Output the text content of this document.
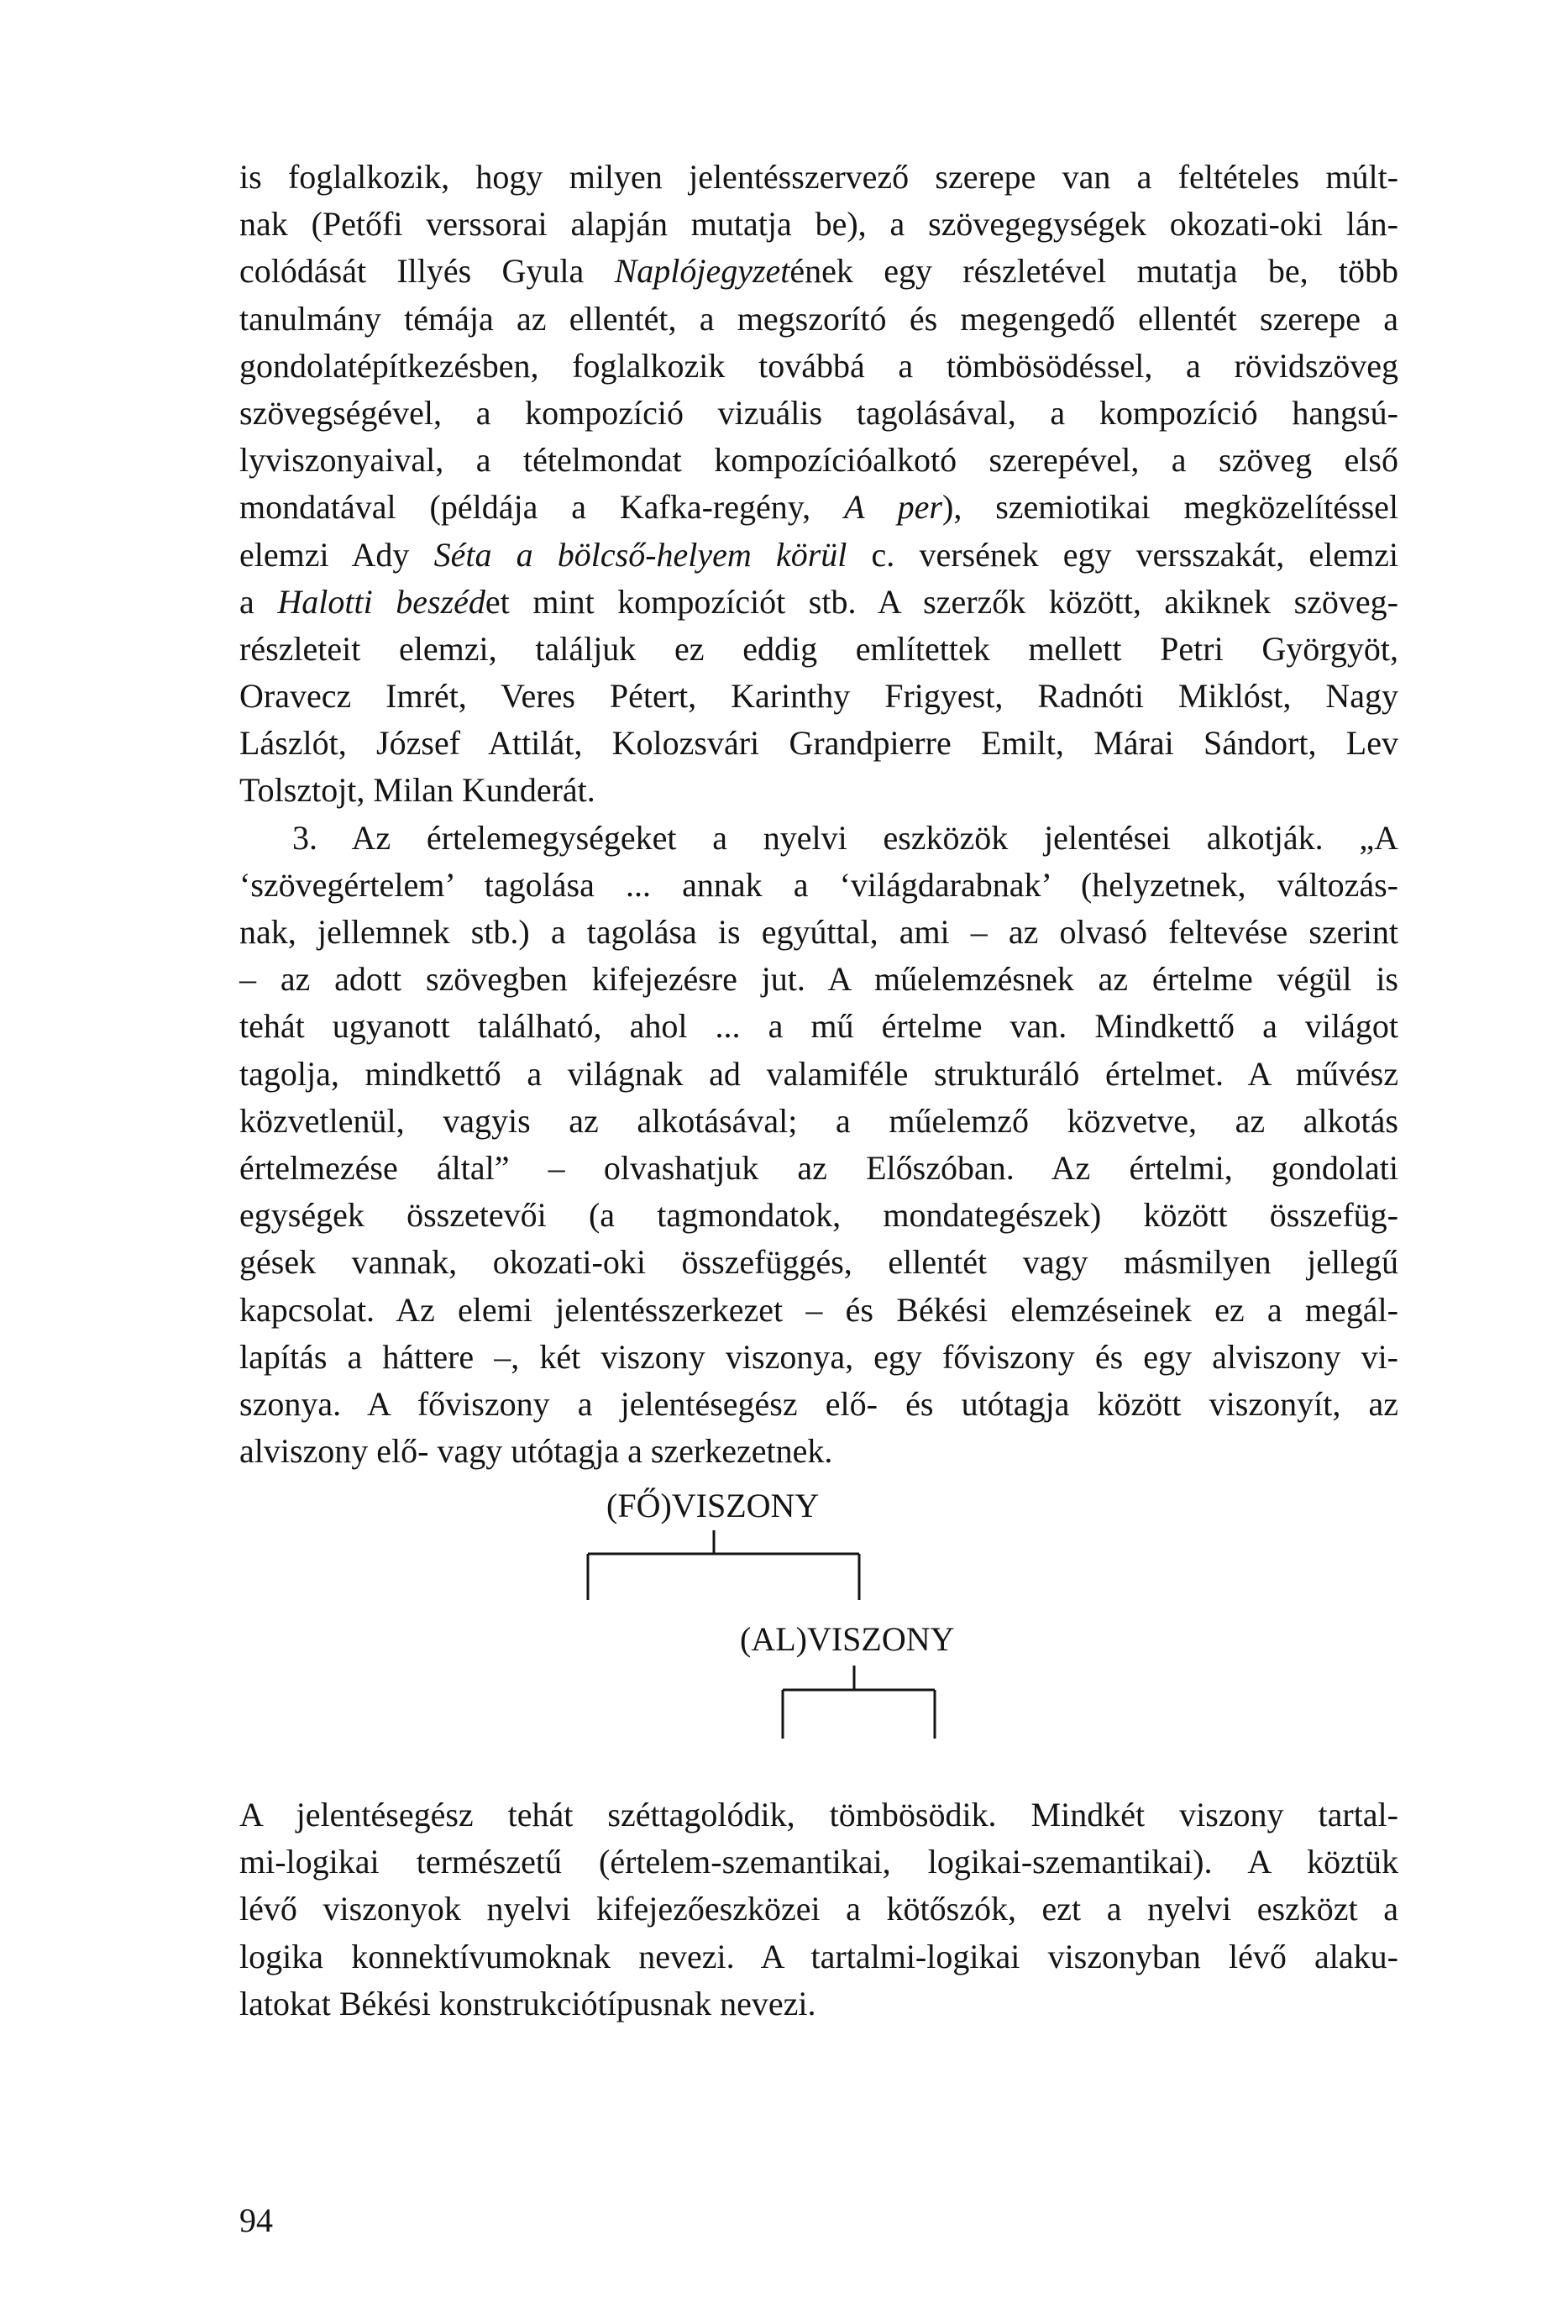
is foglalkozik, hogy milyen jelentésszervező szerepe van a feltételes múlt-
nak (Petőfi verssorai alapján mutatja be), a szövegegységek okozati-oki lán-
colódását Illyés Gyula Naplójegyzetének egy részletével mutatja be, több
tanulmány témája az ellentét, a megszorító és megengedő ellentét szerepe a
gondolatépítkezésben, foglalkozik továbbá a tömbösödéssel, a rövidszöveg
szövegségével, a kompozíció vizuális tagolásával, a kompozíció hangsú-
lyviszonyaival, a tételmondat kompozícióalkotó szerepével, a szöveg első
mondatával (példája a Kafka-regény, A per), szemiotikai megközelítéssel
elemzi Ady Séta a bölcső-helyem körül c. versének egy versszakát, elemzi
a Halotti beszédet mint kompozíciót stb. A szerzők között, akiknek szöveg-
részleteit elemzi, találjuk ez eddig említettek mellett Petri Györgyöt,
Oravecz Imrét, Veres Pétert, Karinthy Frigyest, Radnóti Miklóst, Nagy
Lászlót, József Attilát, Kolozsvári Grandpierre Emilt, Márai Sándort, Lev
Tolsztojt, Milan Kunderát.
3. Az értelemegységeket a nyelvi eszközök jelentései alkotják. „A
‘szövegértelem’ tagolása ... annak a ‘világdarabnak’ (helyzetnek, változás-
nak, jellemnek stb.) a tagolása is egyúttal, ami – az olvasó feltevése szerint
– az adott szövegben kifejezésre jut. A műelemzésnek az értelme végül is
tehát ugyanott található, ahol ... a mű értelme van. Mindkettő a világot
tagolja, mindkettő a világnak ad valamiféle strukturáló értelmet. A művész
közvetlenül, vagyis az alkotásával; a műelemző közvetve, az alkotás
értelmezése által” – olvashatjuk az Előszóban. Az értelmi, gondolati
egységek összetevői (a tagmondatok, mondategészek) között összefüg-
gések vannak, okozati-oki összefüggés, ellentét vagy másmilyen jellegű
kapcsolat. Az elemi jelentésszerkezet – és Békési elemzéseinek ez a megál-
lapítás a háttere –, két viszony viszonya, egy főviszony és egy alviszony vi-
szonya. A főviszony a jelentésegész elő- és utótagja között viszonyít, az
alviszony elő- vagy utótagja a szerkezetnek.
(FŐ)VISZONY
(AL)VISZONY
A jelentésegész tehát széttagolódik, tömbösödik. Mindkét viszony tartal-
mi-logikai természetű (értelem-szemantikai, logikai-szemantikai). A köztük
lévő viszonyok nyelvi kifejezőeszközei a kötőszók, ezt a nyelvi eszközt a
logika konnektívumoknak nevezi. A tartalmi-logikai viszonyban lévő alaku-
latokat Békési konstrukciótípusnak nevezi.
94
